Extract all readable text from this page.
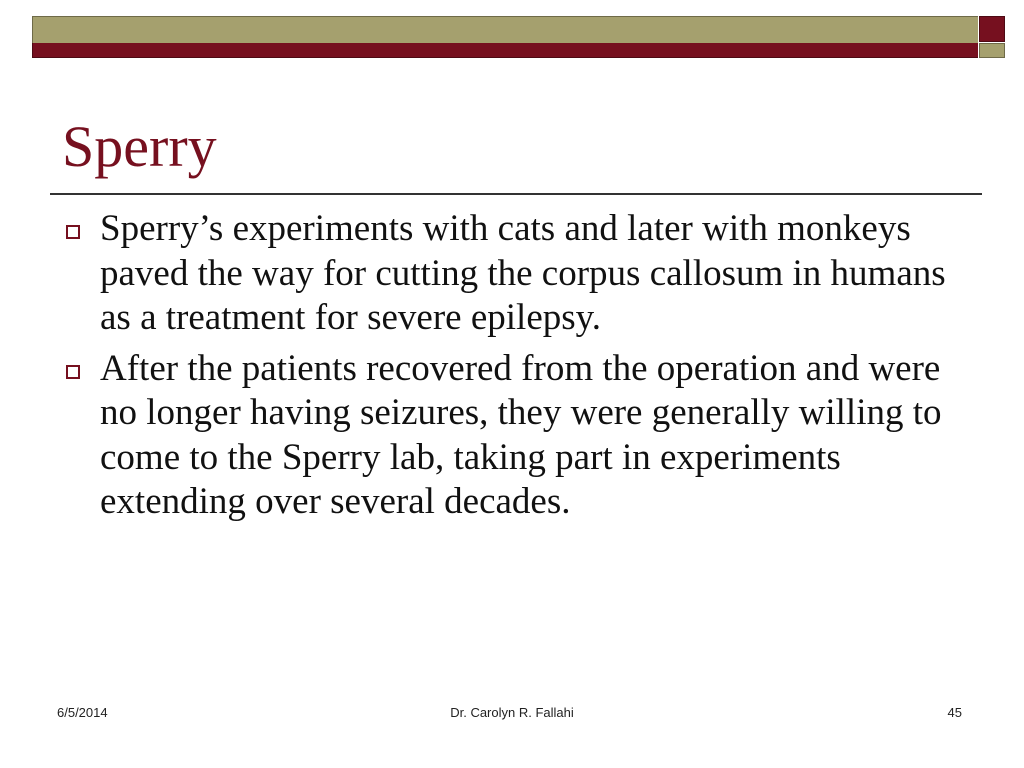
Sperry
Sperry’s experiments with cats and later with monkeys paved the way for cutting the corpus callosum in humans as a treatment for severe epilepsy.
After the patients recovered from the operation and were no longer having seizures, they were generally willing to come to the Sperry lab, taking part in experiments extending over several decades.
6/5/2014	Dr. Carolyn R. Fallahi	45
